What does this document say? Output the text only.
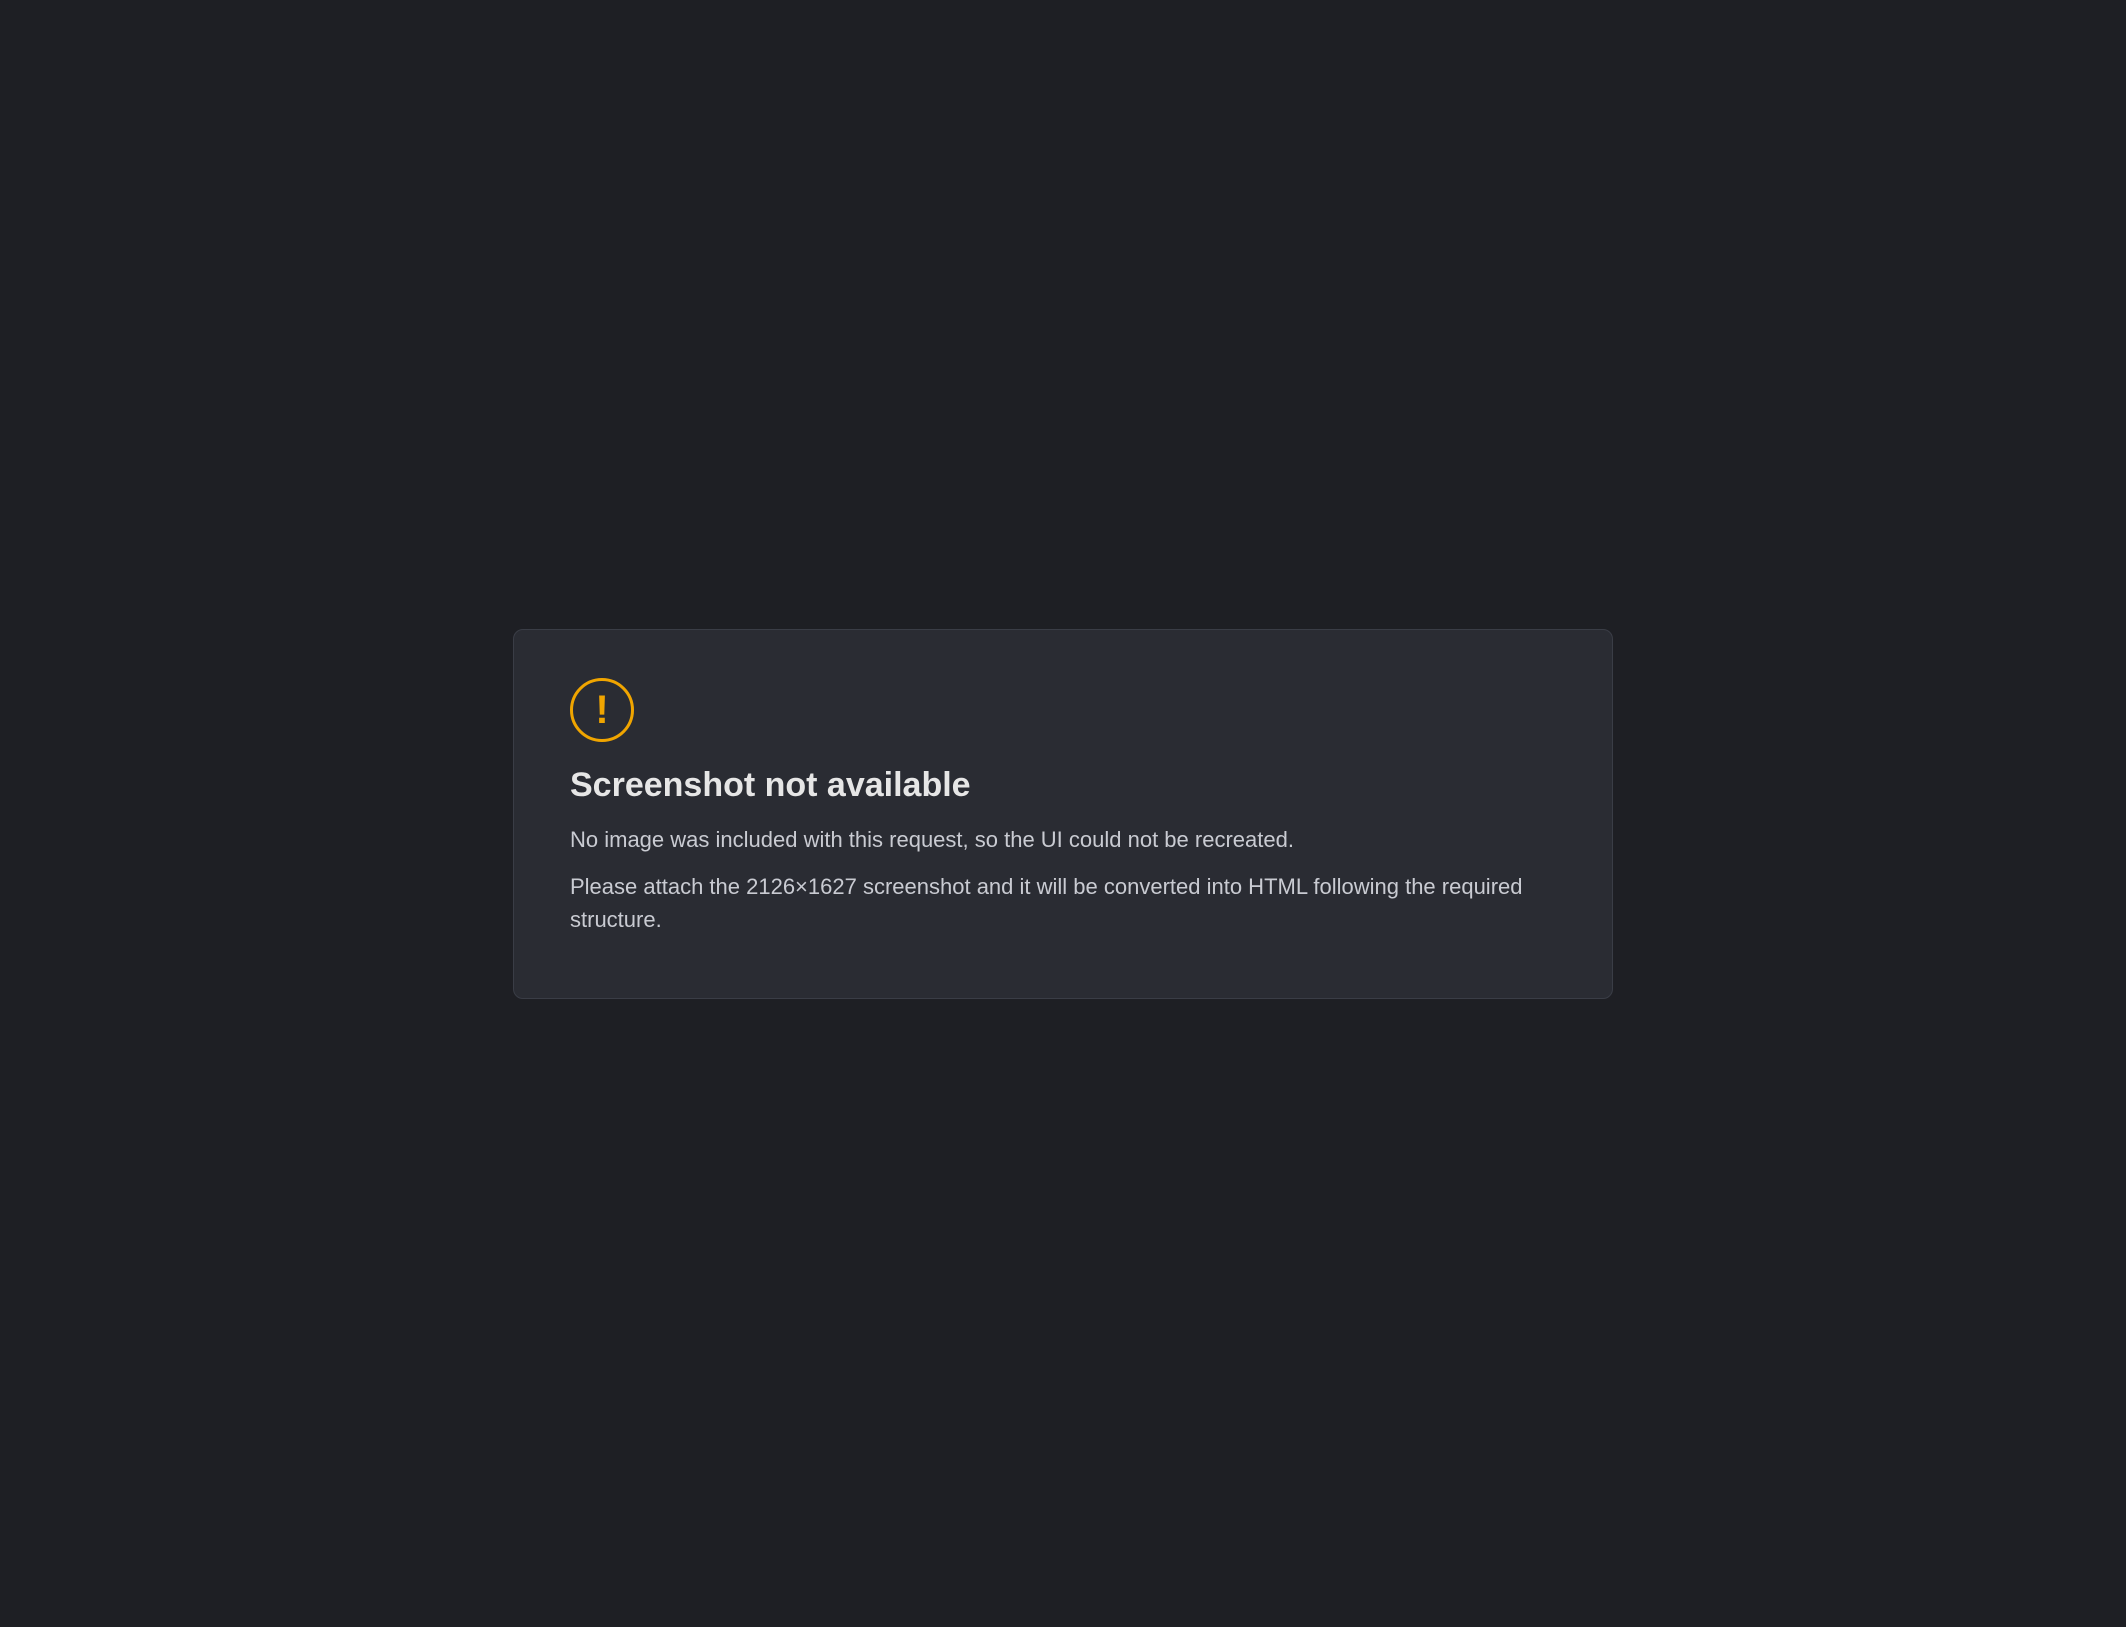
!
Screenshot not available

No image was included with this request, so the UI could not be recreated.

Please attach the 2126×1627 screenshot and it will be converted into HTML following the required structure.
